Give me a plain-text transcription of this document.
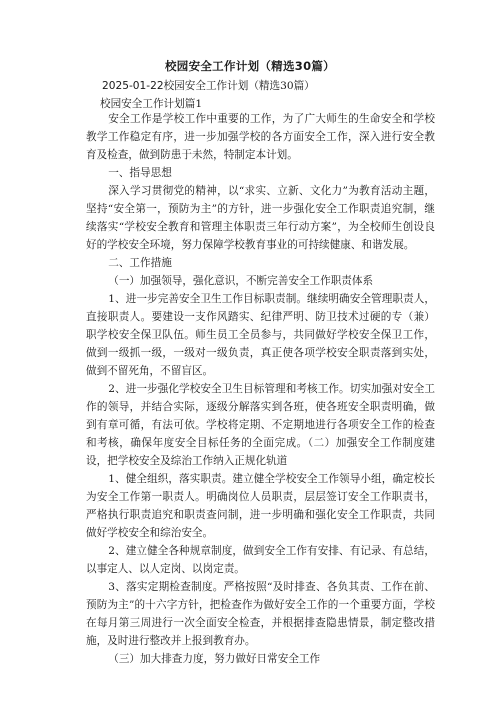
校园安全工作计划（精选30篇）
2025-01-22校园安全工作计划（精选30篇）
校园安全工作计划篇1

安全工作是学校工作中重要的工作，为了广大师生的生命安全和学校教学工作稳定有序，进一步加强学校的各方面安全工作，深入进行安全教育及检查，做到防患于未然，特制定本计划。

一、指导思想

深入学习贯彻党的精神，以“求实、立新、文化力”为教育活动主题，坚持“安全第一，预防为主”的方针，进一步强化安全工作职责追究制，继续落实“学校安全教育和管理主体职责三年行动方案”，为全校师生创设良好的学校安全环境，努力保障学校教育事业的可持续健康、和谐发展。

二、工作措施

（一）加强领导，强化意识，不断完善安全工作职责体系

1、进一步完善安全卫生工作目标职责制。继续明确安全管理职责人，直接职责人。要建设一支作风踏实、纪律严明、防卫技术过硬的专（兼）职学校安全保卫队伍。师生员工全员参与，共同做好学校安全保卫工作，做到一级抓一级，一级对一级负责，真正使各项学校安全职责落到实处，做到不留死角，不留盲区。

2、进一步强化学校安全卫生目标管理和考核工作。切实加强对安全工作的领导，并结合实际，逐级分解落实到各班，使各班安全职责明确，做到有章可循，有法可依。学校将定期、不定期地进行各项安全工作的检查和考核，确保年度安全目标任务的全面完成。（二）加强安全工作制度建设，把学校安全及综治工作纳入正规化轨道

1、健全组织，落实职责。建立健全学校安全工作领导小组，确定校长为安全工作第一职责人。明确岗位人员职责，层层签订安全工作职责书，严格执行职责追究和职责查问制，进一步明确和强化安全工作职责，共同做好学校安全和综治安全。

2、建立健全各种规章制度，做到安全工作有安排、有记录、有总结，以事定人、以人定岗、以岗定责。

3、落实定期检查制度。严格按照“及时排查、各负其责、工作在前、预防为主”的十六字方针，把检查作为做好安全工作的一个重要方面，学校在每月第三周进行一次全面安全检查，并根据排查隐患情景，制定整改措施，及时进行整改并上报到教育办。

（三）加大排查力度，努力做好日常安全工作
